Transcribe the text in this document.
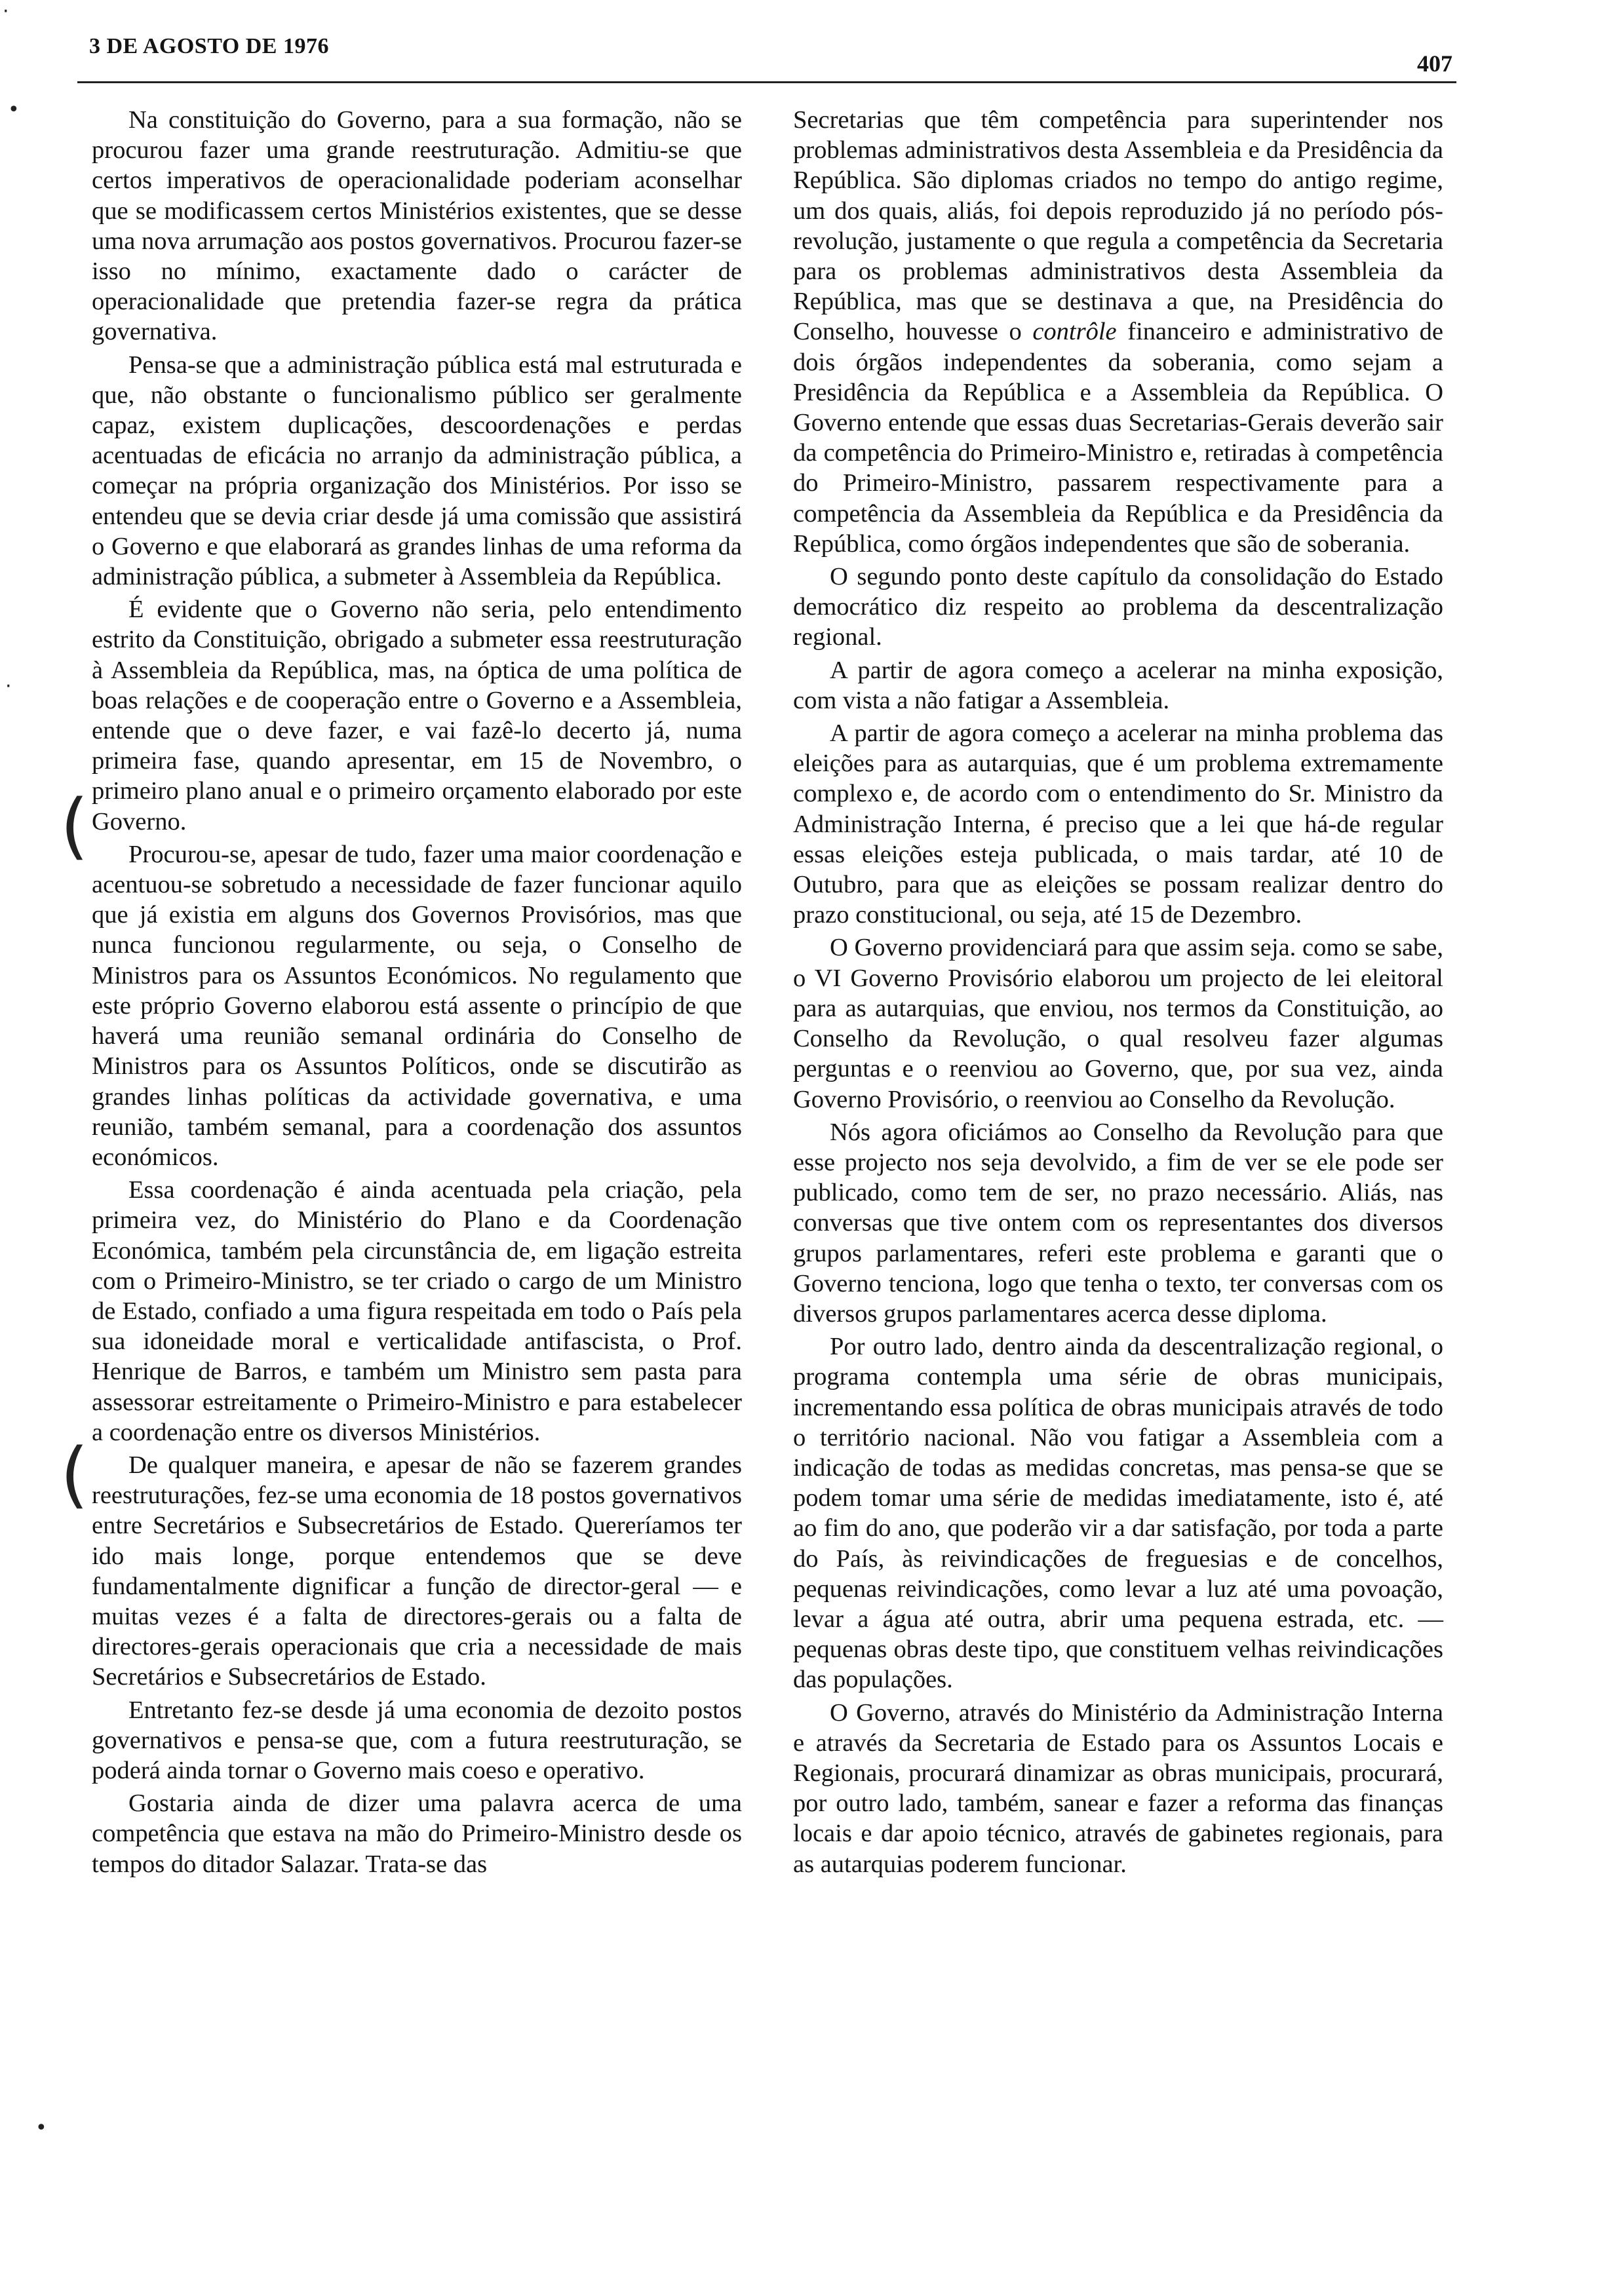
3 DE AGOSTO DE 1976
407

Na constituição do Governo, para a sua formação, não se procurou fazer uma grande reestruturação. Admitiu-se que certos imperativos de operacionalidade poderiam aconselhar que se modificassem certos Ministérios existentes, que se desse uma nova arrumação aos postos governativos. Procurou fazer-se isso no mínimo, exactamente dado o carácter de operacionalidade que pretendia fazer-se regra da prática governativa.

Pensa-se que a administração pública está mal estruturada e que, não obstante o funcionalismo público ser geralmente capaz, existem duplicações, descoordenações e perdas acentuadas de eficácia no arranjo da administração pública, a começar na própria organização dos Ministérios. Por isso se entendeu que se devia criar desde já uma comissão que assistirá o Governo e que elaborará as grandes linhas de uma reforma da administração pública, a submeter à Assembleia da República.

É evidente que o Governo não seria, pelo entendimento estrito da Constituição, obrigado a submeter essa reestruturação à Assembleia da República, mas, na óptica de uma política de boas relações e de cooperação entre o Governo e a Assembleia, entende que o deve fazer, e vai fazê-lo decerto já, numa primeira fase, quando apresentar, em 15 de Novembro, o primeiro plano anual e o primeiro orçamento elaborado por este Governo.

Procurou-se, apesar de tudo, fazer uma maior coordenação e acentuou-se sobretudo a necessidade de fazer funcionar aquilo que já existia em alguns dos Governos Provisórios, mas que nunca funcionou regularmente, ou seja, o Conselho de Ministros para os Assuntos Económicos. No regulamento que este próprio Governo elaborou está assente o princípio de que haverá uma reunião semanal ordinária do Conselho de Ministros para os Assuntos Políticos, onde se discutirão as grandes linhas políticas da actividade governativa, e uma reunião, também semanal, para a coordenação dos assuntos económicos.

Essa coordenação é ainda acentuada pela criação, pela primeira vez, do Ministério do Plano e da Coordenação Económica, também pela circunstância de, em ligação estreita com o Primeiro-Ministro, se ter criado o cargo de um Ministro de Estado, confiado a uma figura respeitada em todo o País pela sua idoneidade moral e verticalidade antifascista, o Prof. Henrique de Barros, e também um Ministro sem pasta para assessorar estreitamente o Primeiro-Ministro e para estabelecer a coordenação entre os diversos Ministérios.

De qualquer maneira, e apesar de não se fazerem grandes reestruturações, fez-se uma economia de 18 postos governativos entre Secretários e Subsecretários de Estado. Quereríamos ter ido mais longe, porque entendemos que se deve fundamentalmente dignificar a função de director-geral — e muitas vezes é a falta de directores-gerais ou a falta de directores-gerais operacionais que cria a necessidade de mais Secretários e Subsecretários de Estado.

Entretanto fez-se desde já uma economia de dezoito postos governativos e pensa-se que, com a futura reestruturação, se poderá ainda tornar o Governo mais coeso e operativo.

Gostaria ainda de dizer uma palavra acerca de uma competência que estava na mão do Primeiro-Ministro desde os tempos do ditador Salazar. Trata-se das

Secretarias que têm competência para superintender nos problemas administrativos desta Assembleia e da Presidência da República. São diplomas criados no tempo do antigo regime, um dos quais, aliás, foi depois reproduzido já no período pós-revolução, justamente o que regula a competência da Secretaria para os problemas administrativos desta Assembleia da República, mas que se destinava a que, na Presidência do Conselho, houvesse o contrôle financeiro e administrativo de dois órgãos independentes da soberania, como sejam a Presidência da República e a Assembleia da República. O Governo entende que essas duas Secretarias-Gerais deverão sair da competência do Primeiro-Ministro e, retiradas à competência do Primeiro-Ministro, passarem respectivamente para a competência da Assembleia da República e da Presidência da República, como órgãos independentes que são de soberania.

O segundo ponto deste capítulo da consolidação do Estado democrático diz respeito ao problema da descentralização regional.

A partir de agora começo a acelerar na minha exposição, com vista a não fatigar a Assembleia.

A partir de agora começo a acelerar na minha problema das eleições para as autarquias, que é um problema extremamente complexo e, de acordo com o entendimento do Sr. Ministro da Administração Interna, é preciso que a lei que há-de regular essas eleições esteja publicada, o mais tardar, até 10 de Outubro, para que as eleições se possam realizar dentro do prazo constitucional, ou seja, até 15 de Dezembro.

O Governo providenciará para que assim seja. como se sabe, o VI Governo Provisório elaborou um projecto de lei eleitoral para as autarquias, que enviou, nos termos da Constituição, ao Conselho da Revolução, o qual resolveu fazer algumas perguntas e o reenviou ao Governo, que, por sua vez, ainda Governo Provisório, o reenviou ao Conselho da Revolução.

Nós agora oficiámos ao Conselho da Revolução para que esse projecto nos seja devolvido, a fim de ver se ele pode ser publicado, como tem de ser, no prazo necessário. Aliás, nas conversas que tive ontem com os representantes dos diversos grupos parlamentares, referi este problema e garanti que o Governo tenciona, logo que tenha o texto, ter conversas com os diversos grupos parlamentares acerca desse diploma.

Por outro lado, dentro ainda da descentralização regional, o programa contempla uma série de obras municipais, incrementando essa política de obras municipais através de todo o território nacional. Não vou fatigar a Assembleia com a indicação de todas as medidas concretas, mas pensa-se que se podem tomar uma série de medidas imediatamente, isto é, até ao fim do ano, que poderão vir a dar satisfação, por toda a parte do País, às reivindicações de freguesias e de concelhos, pequenas reivindicações, como levar a luz até uma povoação, levar a água até outra, abrir uma pequena estrada, etc. — pequenas obras deste tipo, que constituem velhas reivindicações das populações.

O Governo, através do Ministério da Administração Interna e através da Secretaria de Estado para os Assuntos Locais e Regionais, procurará dinamizar as obras municipais, procurará, por outro lado, também, sanear e fazer a reforma das finanças locais e dar apoio técnico, através de gabinetes regionais, para as autarquias poderem funcionar.

·
•
·
•
(
(
